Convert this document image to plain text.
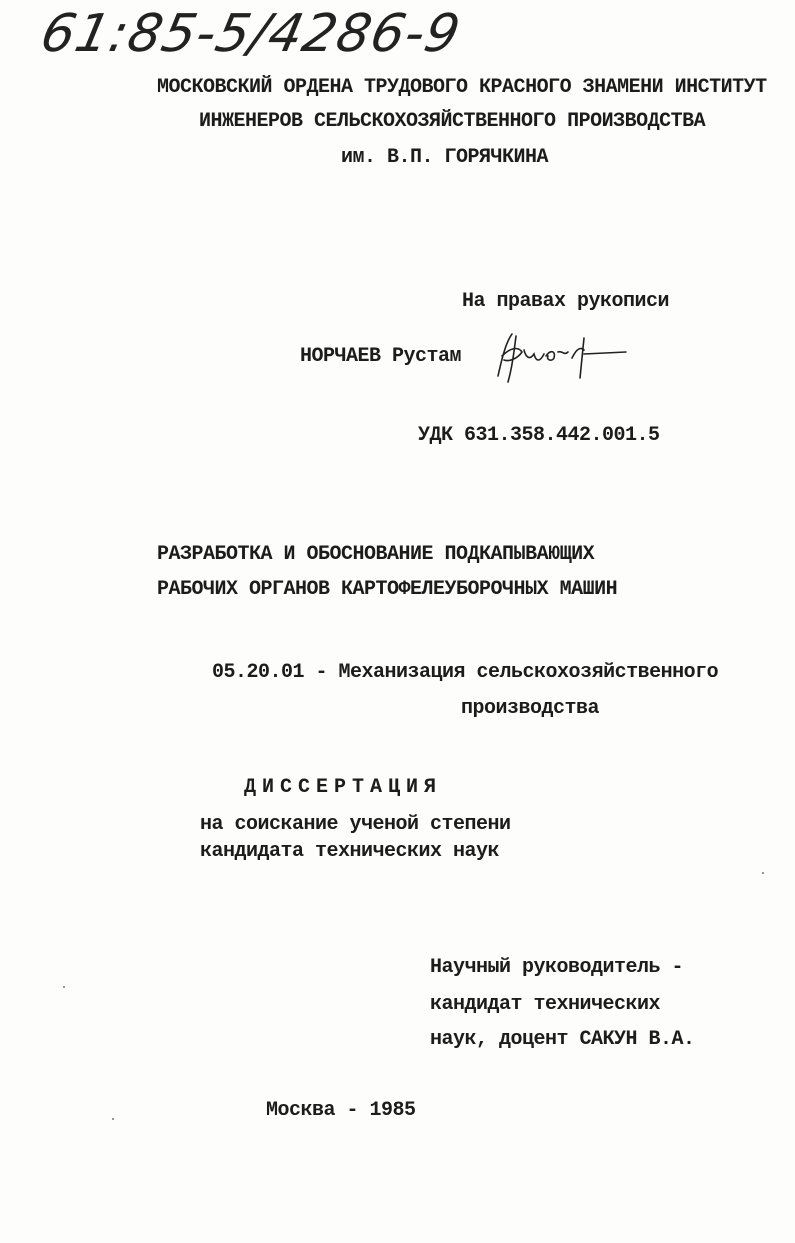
61:85-5/4286-9
МОСКОВСКИЙ ОРДЕНА ТРУДОВОГО КРАСНОГО ЗНАМЕНИ ИНСТИТУТ
ИНЖЕНЕРОВ СЕЛЬСКОХОЗЯЙСТВЕННОГО ПРОИЗВОДСТВА
им. В.П. ГОРЯЧКИНА
На правах рукописи
НОРЧАЕВ Рустам
УДК 631.358.442.001.5
РАЗРАБОТКА И ОБОСНОВАНИЕ ПОДКАПЫВАЮЩИХ
РАБОЧИХ ОРГАНОВ КАРТОФЕЛЕУБОРОЧНЫХ МАШИН
05.20.01 - Механизация сельскохозяйственного
производства
ДИССЕРТАЦИЯ
на соискание ученой степени
кандидата технических наук
Научный руководитель -
кандидат технических
наук, доцент САКУН В.А.
Москва - 1985
